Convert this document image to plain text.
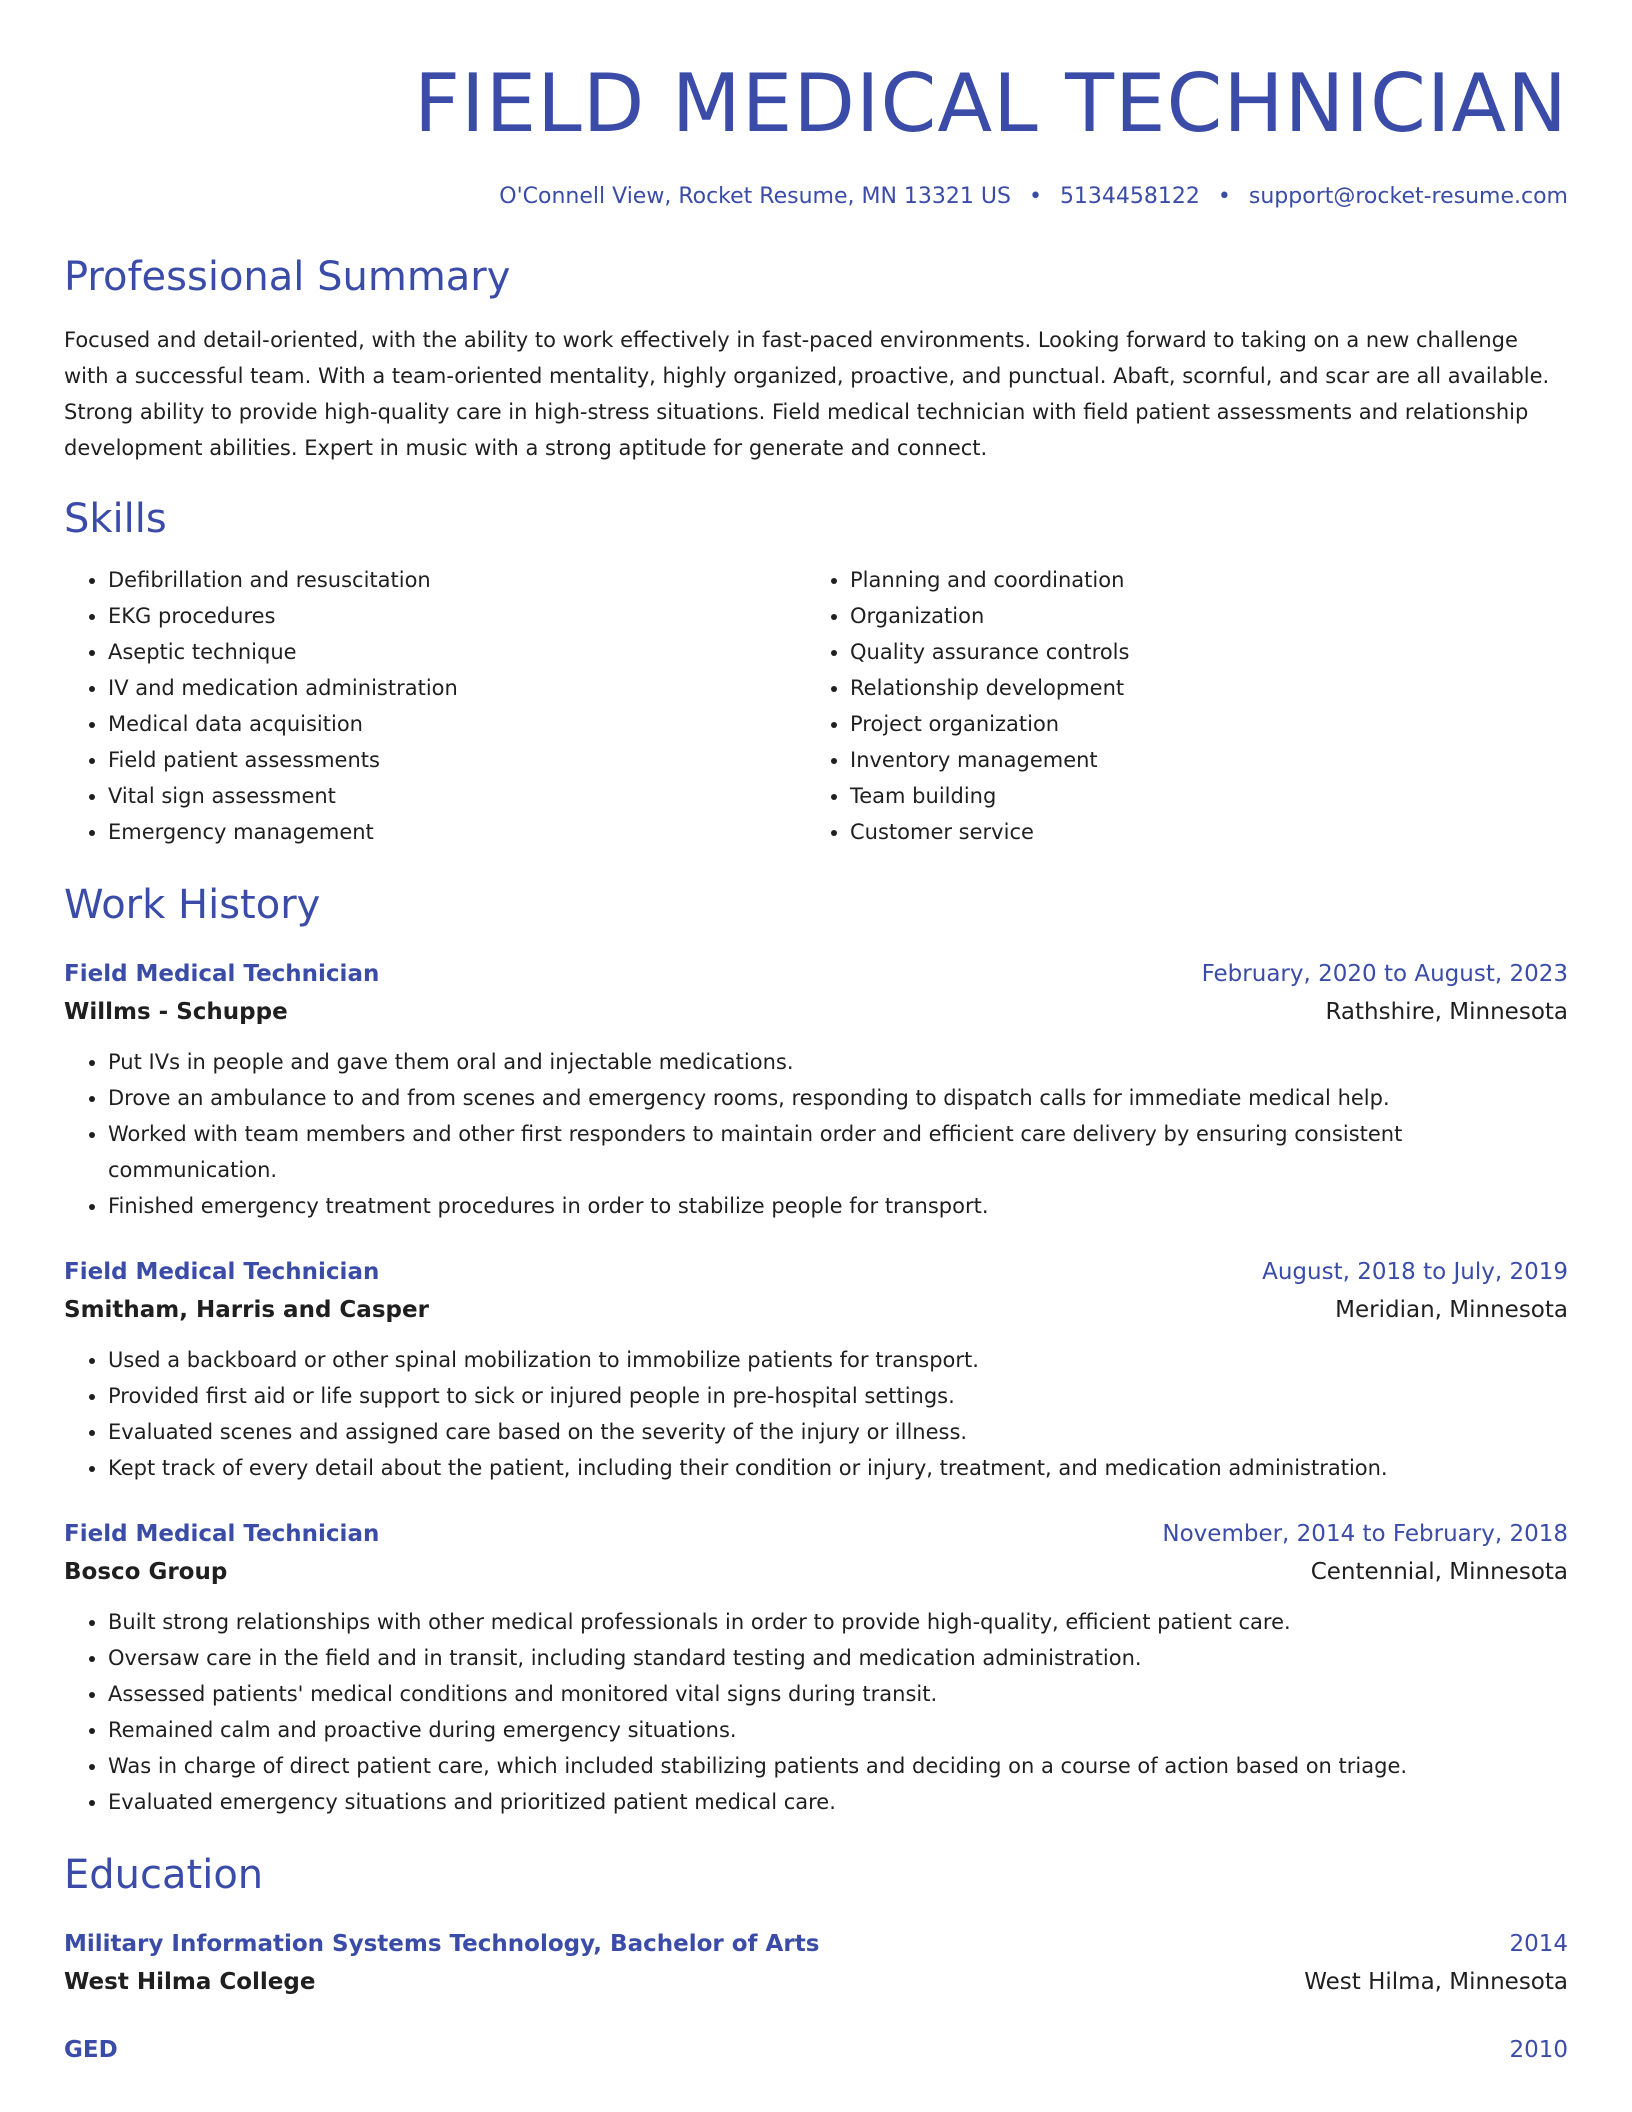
FIELD MEDICAL TECHNICIAN
O'Connell View, Rocket Resume, MN 13321 US • 5134458122 • support@rocket-resume.com
Professional Summary

Focused and detail-oriented, with the ability to work effectively in fast-paced environments. Looking forward to taking on a new challenge with a successful team. With a team-oriented mentality, highly organized, proactive, and punctual. Abaft, scornful, and scar are all available. Strong ability to provide high-quality care in high-stress situations. Field medical technician with field patient assessments and relationship development abilities. Expert in music with a strong aptitude for generate and connect.

Skills
• Defibrillation and resuscitation
• EKG procedures
• Aseptic technique
• IV and medication administration
• Medical data acquisition
• Field patient assessments
• Vital sign assessment
• Emergency management
• Planning and coordination
• Organization
• Quality assurance controls
• Relationship development
• Project organization
• Inventory management
• Team building
• Customer service
Work History
Field Medical Technician	February, 2020 to August, 2023
Willms - Schuppe	Rathshire, Minnesota
• Put IVs in people and gave them oral and injectable medications.
• Drove an ambulance to and from scenes and emergency rooms, responding to dispatch calls for immediate medical help.
• Worked with team members and other first responders to maintain order and efficient care delivery by ensuring consistent communication.
• Finished emergency treatment procedures in order to stabilize people for transport.
Field Medical Technician	August, 2018 to July, 2019
Smitham, Harris and Casper	Meridian, Minnesota
• Used a backboard or other spinal mobilization to immobilize patients for transport.
• Provided first aid or life support to sick or injured people in pre-hospital settings.
• Evaluated scenes and assigned care based on the severity of the injury or illness.
• Kept track of every detail about the patient, including their condition or injury, treatment, and medication administration.
Field Medical Technician	November, 2014 to February, 2018
Bosco Group	Centennial, Minnesota
• Built strong relationships with other medical professionals in order to provide high-quality, efficient patient care.
• Oversaw care in the field and in transit, including standard testing and medication administration.
• Assessed patients' medical conditions and monitored vital signs during transit.
• Remained calm and proactive during emergency situations.
• Was in charge of direct patient care, which included stabilizing patients and deciding on a course of action based on triage.
• Evaluated emergency situations and prioritized patient medical care.
Education
Military Information Systems Technology, Bachelor of Arts	2014
West Hilma College	West Hilma, Minnesota
GED	2010
